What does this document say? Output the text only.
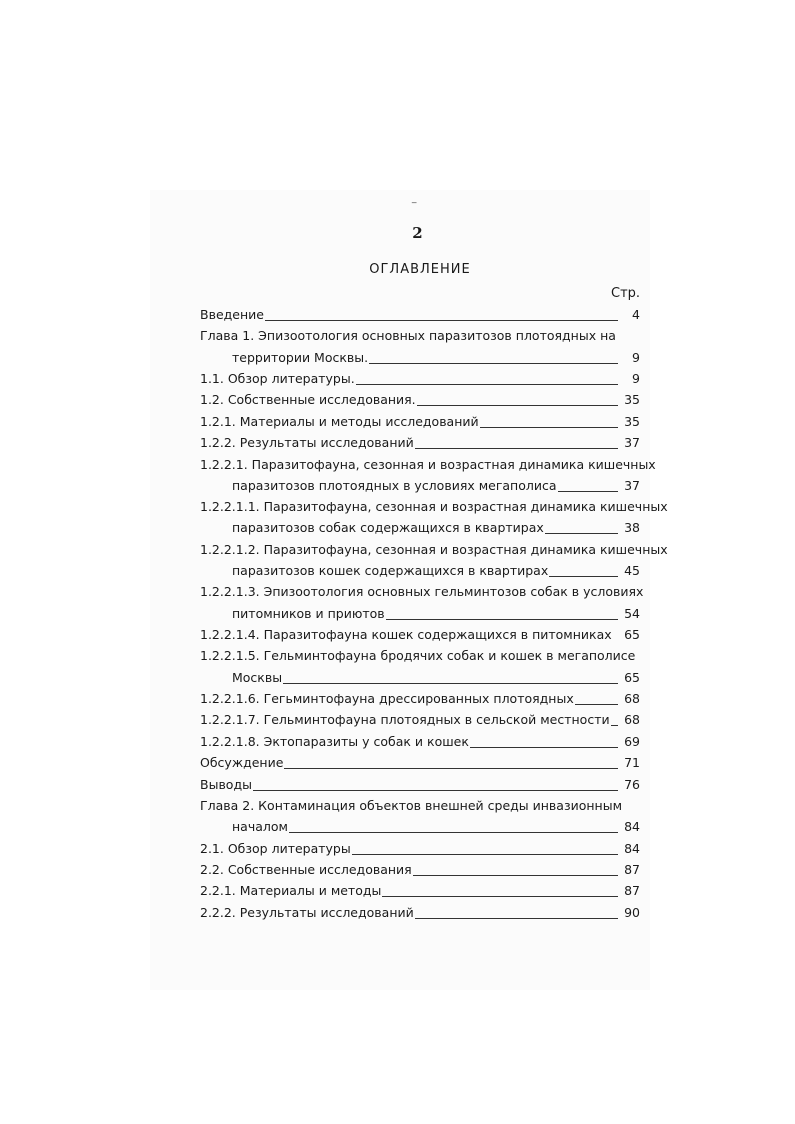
⁻
2
ОГЛАВЛЕНИЕ
Стр.
Введение	4
Глава 1. Эпизоотология основных паразитозов плотоядных на
территории Москвы.	9
1.1. Обзор литературы.	9
1.2. Собственные исследования.	35
1.2.1. Материалы и методы исследований	35
1.2.2. Результаты исследований	37
1.2.2.1. Паразитофауна, сезонная и возрастная динамика кишечных
паразитозов плотоядных в условиях мегаполиса	37
1.2.2.1.1. Паразитофауна, сезонная и возрастная динамика кишечных
паразитозов собак содержащихся в квартирах	38
1.2.2.1.2. Паразитофауна, сезонная и возрастная динамика кишечных
паразитозов кошек содержащихся в квартирах	45
1.2.2.1.3. Эпизоотология основных гельминтозов собак в условиях
питомников и приютов	54
1.2.2.1.4. Паразитофауна кошек содержащихся в питомниках 65
1.2.2.1.5. Гельминтофауна бродячих собак и кошек в мегаполисе
Москвы	65
1.2.2.1.6. Гегьминтофауна дрессированных плотоядных	68
1.2.2.1.7. Гельминтофауна плотоядных в сельской местности	68
1.2.2.1.8. Эктопаразиты у собак и кошек	69
Обсуждение	71
Выводы	76
Глава 2. Контаминация объектов внешней среды инвазионным
началом	84
2.1. Обзор литературы	84
2.2. Собственные исследования	87
2.2.1. Материалы и методы	87
2.2.2. Результаты исследований	90
